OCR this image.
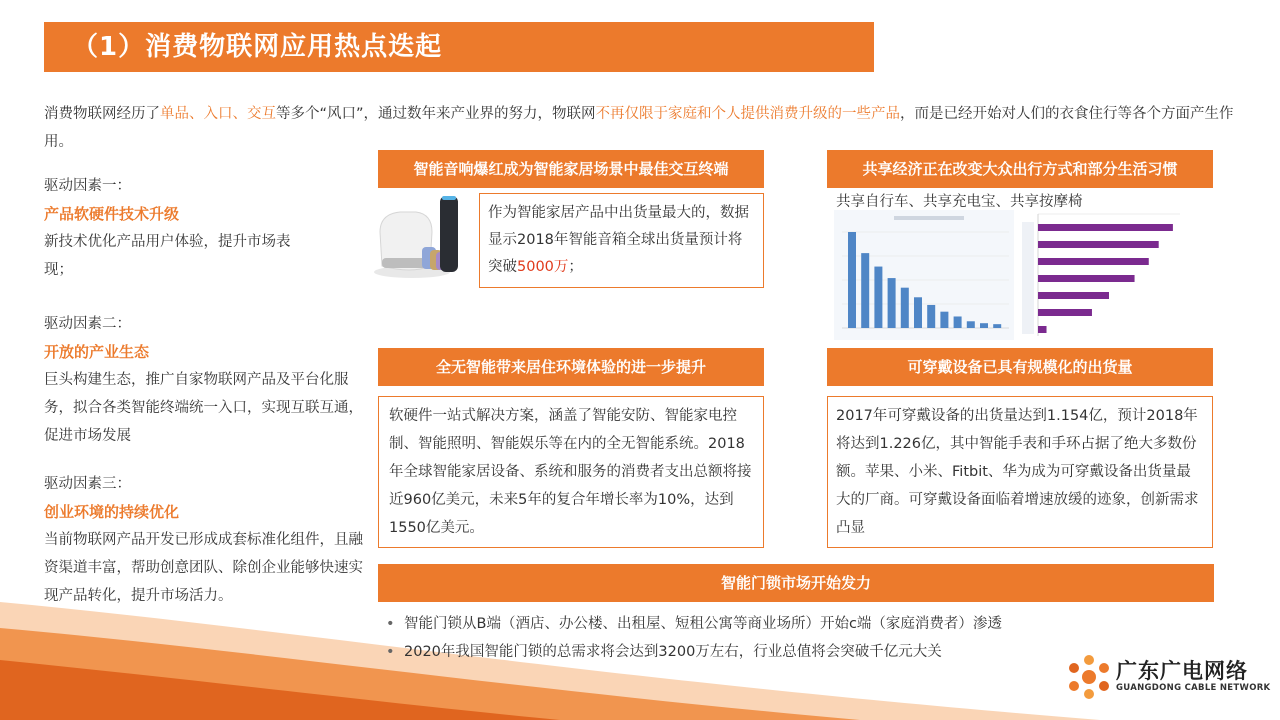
（1）消费物联网应用热点迭起
消费物联网经历了单品、入口、交互等多个“风口”，通过数年来产业界的努力，物联网不再仅限于家庭和个人提供消费升级的一些产品，而是已经开始对人们的衣食住行等各个方面产生作用。
驱动因素一：
产品软硬件技术升级
新技术优化产品用户体验，提升市场表现；
驱动因素二：
开放的产业生态
巨头构建生态，推广自家物联网产品及平台化服务，拟合各类智能终端统一入口，实现互联互通，促进市场发展
驱动因素三：
创业环境的持续优化
当前物联网产品开发已形成成套标准化组件，且融资渠道丰富，帮助创意团队、除创企业能够快速实现产品转化，提升市场活力。
智能音响爆红成为智能家居场景中最佳交互终端
作为智能家居产品中出货量最大的，数据显示2018年智能音箱全球出货量预计将突破5000万；
共享经济正在改变大众出行方式和部分生活习惯
共享自行车、共享充电宝、共享按摩椅
全无智能带来居住环境体验的进一步提升
软硬件一站式解决方案，涵盖了智能安防、智能家电控制、智能照明、智能娱乐等在内的全无智能系统。2018年全球智能家居设备、系统和服务的消费者支出总额将接近960亿美元，未来5年的复合年增长率为10%，达到1550亿美元。
可穿戴设备已具有规模化的出货量
2017年可穿戴设备的出货量达到1.154亿，预计2018年将达到1.226亿，其中智能手表和手环占据了绝大多数份额。苹果、小米、Fitbit、华为成为可穿戴设备出货量最大的厂商。可穿戴设备面临着增速放缓的迹象，创新需求凸显
智能门锁市场开始发力
• 智能门锁从B端（酒店、办公楼、出租屋、短租公寓等商业场所）开始c端（家庭消费者）渗透
• 2020年我国智能门锁的总需求将会达到3200万左右，行业总值将会突破千亿元大关
广东广电网络
GUANGDONG CABLE NETWORK
